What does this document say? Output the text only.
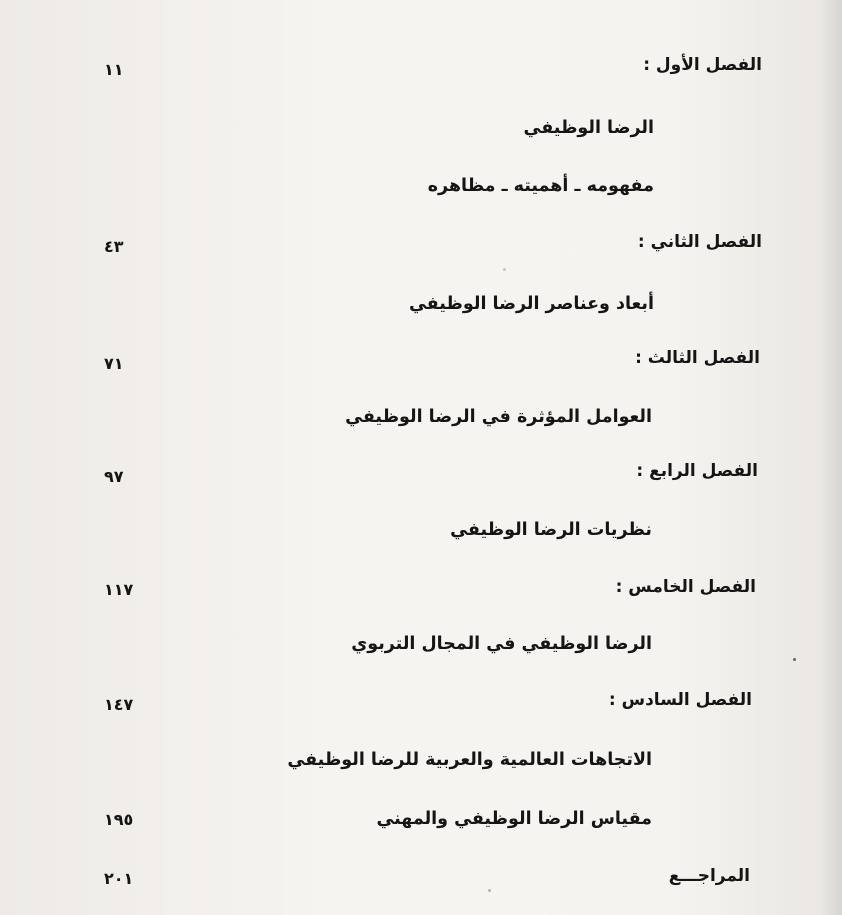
الفصل الأول :
١١
الرضا الوظيفي
مفهومه ـ أهميته ـ مظاهره
الفصل الثاني :
٤٣
أبعاد وعناصر الرضا الوظيفي
الفصل الثالث :
٧١
العوامل المؤثرة في الرضا الوظيفي
الفصل الرابع :
٩٧
نظريات الرضا الوظيفي
الفصل الخامس :
١١٧
الرضا الوظيفي في المجال التربوي
الفصل السادس :
١٤٧
الاتجاهات العالمية والعربية للرضا الوظيفي
مقياس الرضا الوظيفي والمهني
١٩٥
المراجـــع
٢٠١
